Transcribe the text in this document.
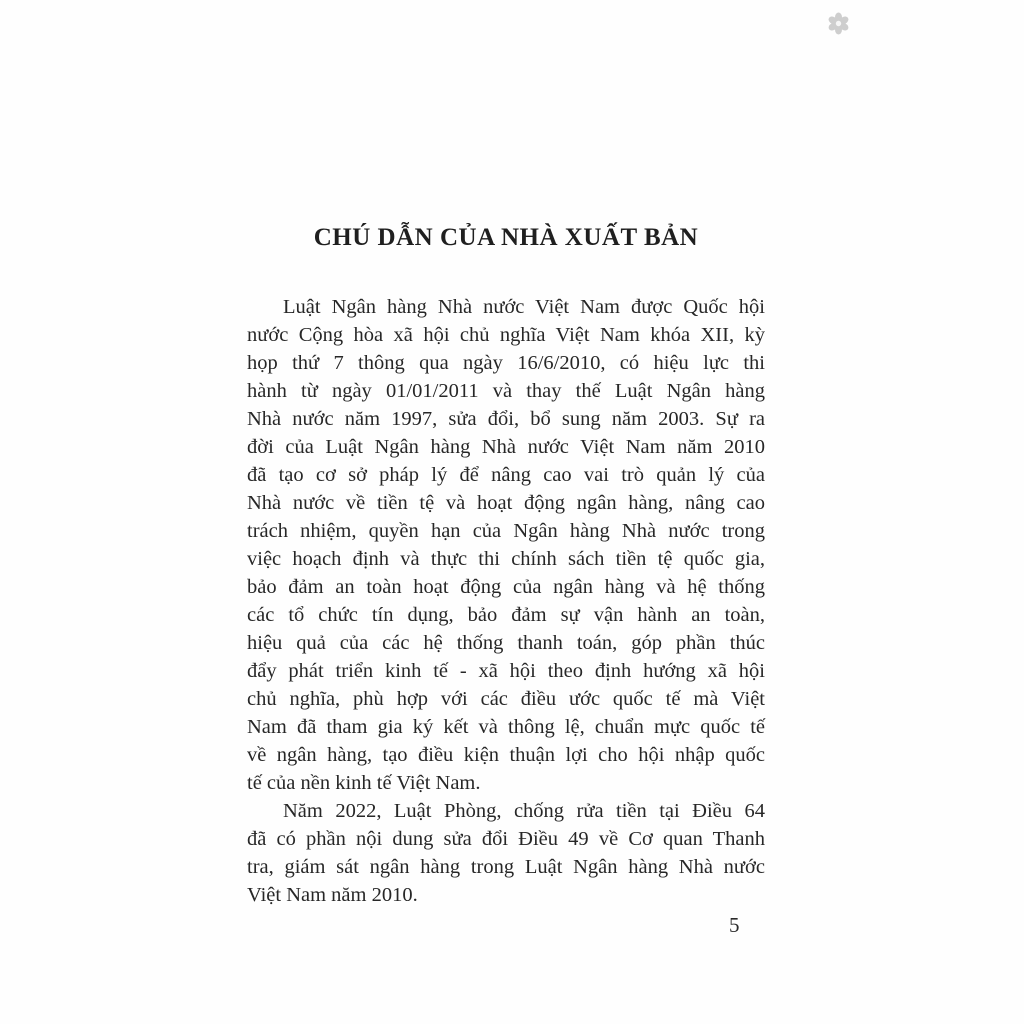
CHÚ DẪN CỦA NHÀ XUẤT BẢN
Luật Ngân hàng Nhà nước Việt Nam được Quốc hội
nước Cộng hòa xã hội chủ nghĩa Việt Nam khóa XII, kỳ
họp thứ 7 thông qua ngày 16/6/2010, có hiệu lực thi
hành từ ngày 01/01/2011 và thay thế Luật Ngân hàng
Nhà nước năm 1997, sửa đổi, bổ sung năm 2003. Sự ra
đời của Luật Ngân hàng Nhà nước Việt Nam năm 2010
đã tạo cơ sở pháp lý để nâng cao vai trò quản lý của
Nhà nước về tiền tệ và hoạt động ngân hàng, nâng cao
trách nhiệm, quyền hạn của Ngân hàng Nhà nước trong
việc hoạch định và thực thi chính sách tiền tệ quốc gia,
bảo đảm an toàn hoạt động của ngân hàng và hệ thống
các tổ chức tín dụng, bảo đảm sự vận hành an toàn,
hiệu quả của các hệ thống thanh toán, góp phần thúc
đẩy phát triển kinh tế - xã hội theo định hướng xã hội
chủ nghĩa, phù hợp với các điều ước quốc tế mà Việt
Nam đã tham gia ký kết và thông lệ, chuẩn mực quốc tế
về ngân hàng, tạo điều kiện thuận lợi cho hội nhập quốc
tế của nền kinh tế Việt Nam.
Năm 2022, Luật Phòng, chống rửa tiền tại Điều 64
đã có phần nội dung sửa đổi Điều 49 về Cơ quan Thanh
tra, giám sát ngân hàng trong Luật Ngân hàng Nhà nước
Việt Nam năm 2010.
5
